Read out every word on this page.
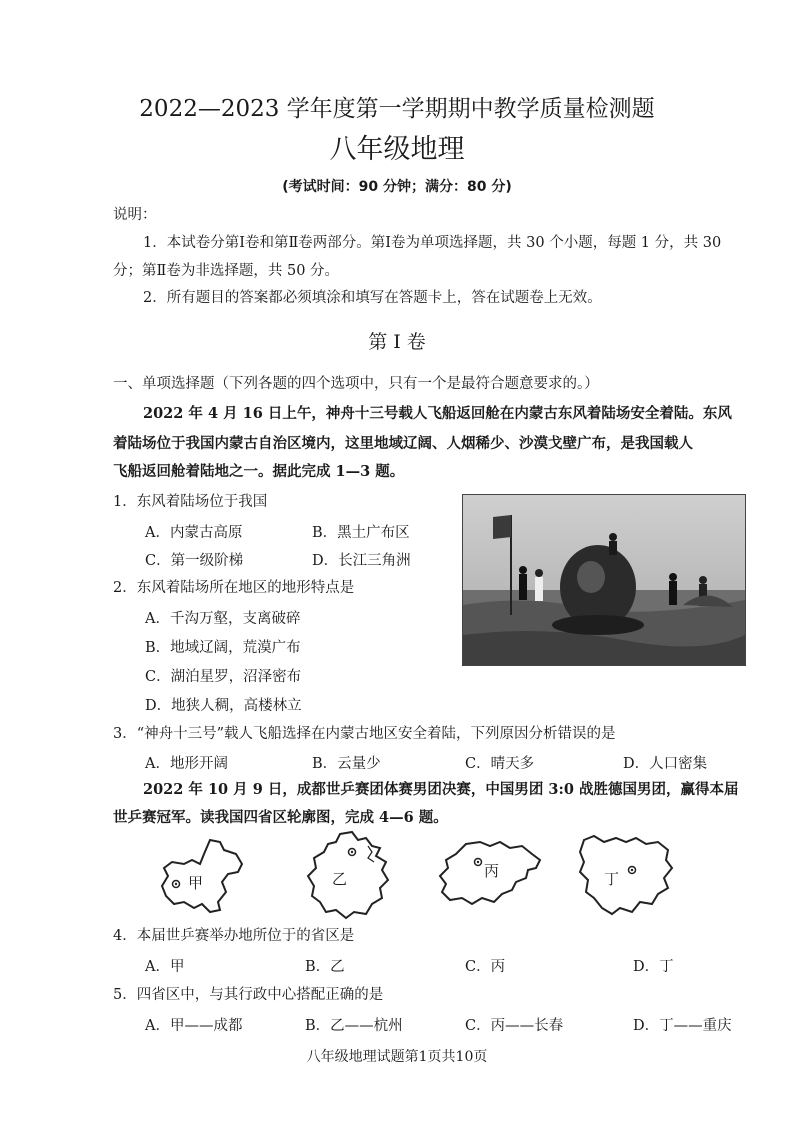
2022—2023 学年度第一学期期中教学质量检测题
八年级地理
(考试时间：90 分钟；满分：80 分)
说明：
1．本试卷分第Ⅰ卷和第Ⅱ卷两部分。第Ⅰ卷为单项选择题，共 30 个小题，每题 1 分，共 30
分；第Ⅱ卷为非选择题，共 50 分。
2．所有题目的答案都必须填涂和填写在答题卡上，答在试题卷上无效。
第 Ⅰ 卷
一、单项选择题（下列各题的四个选项中，只有一个是最符合题意要求的。）
2022 年 4 月 16 日上午，神舟十三号载人飞船返回舱在内蒙古东风着陆场安全着陆。东风
着陆场位于我国内蒙古自治区境内，这里地域辽阔、人烟稀少、沙漠戈壁广布，是我国载人
飞船返回舱着陆地之一。据此完成 1—3 题。
1．东风着陆场位于我国
A．内蒙古高原	B．黑土广布区
C．第一级阶梯	D．长江三角洲
2．东风着陆场所在地区的地形特点是
A．千沟万壑，支离破碎
B．地域辽阔，荒漠广布
C．湖泊星罗，沼泽密布
D．地狭人稠，高楼林立
3．“神舟十三号”载人飞船选择在内蒙古地区安全着陆，下列原因分析错误的是
A．地形开阔	B．云量少	C．晴天多	D．人口密集
2022 年 10 月 9 日，成都世乒赛团体赛男团决赛，中国男团 3:0 战胜德国男团，赢得本届
世乒赛冠军。读我国四省区轮廓图，完成 4—6 题。
甲	乙	丙	丁
4．本届世乒赛举办地所位于的省区是
A．甲	B．乙	C．丙	D．丁
5．四省区中，与其行政中心搭配正确的是
A．甲——成都	B．乙——杭州	C．丙——长春	D．丁——重庆
八年级地理试题第1页共10页
